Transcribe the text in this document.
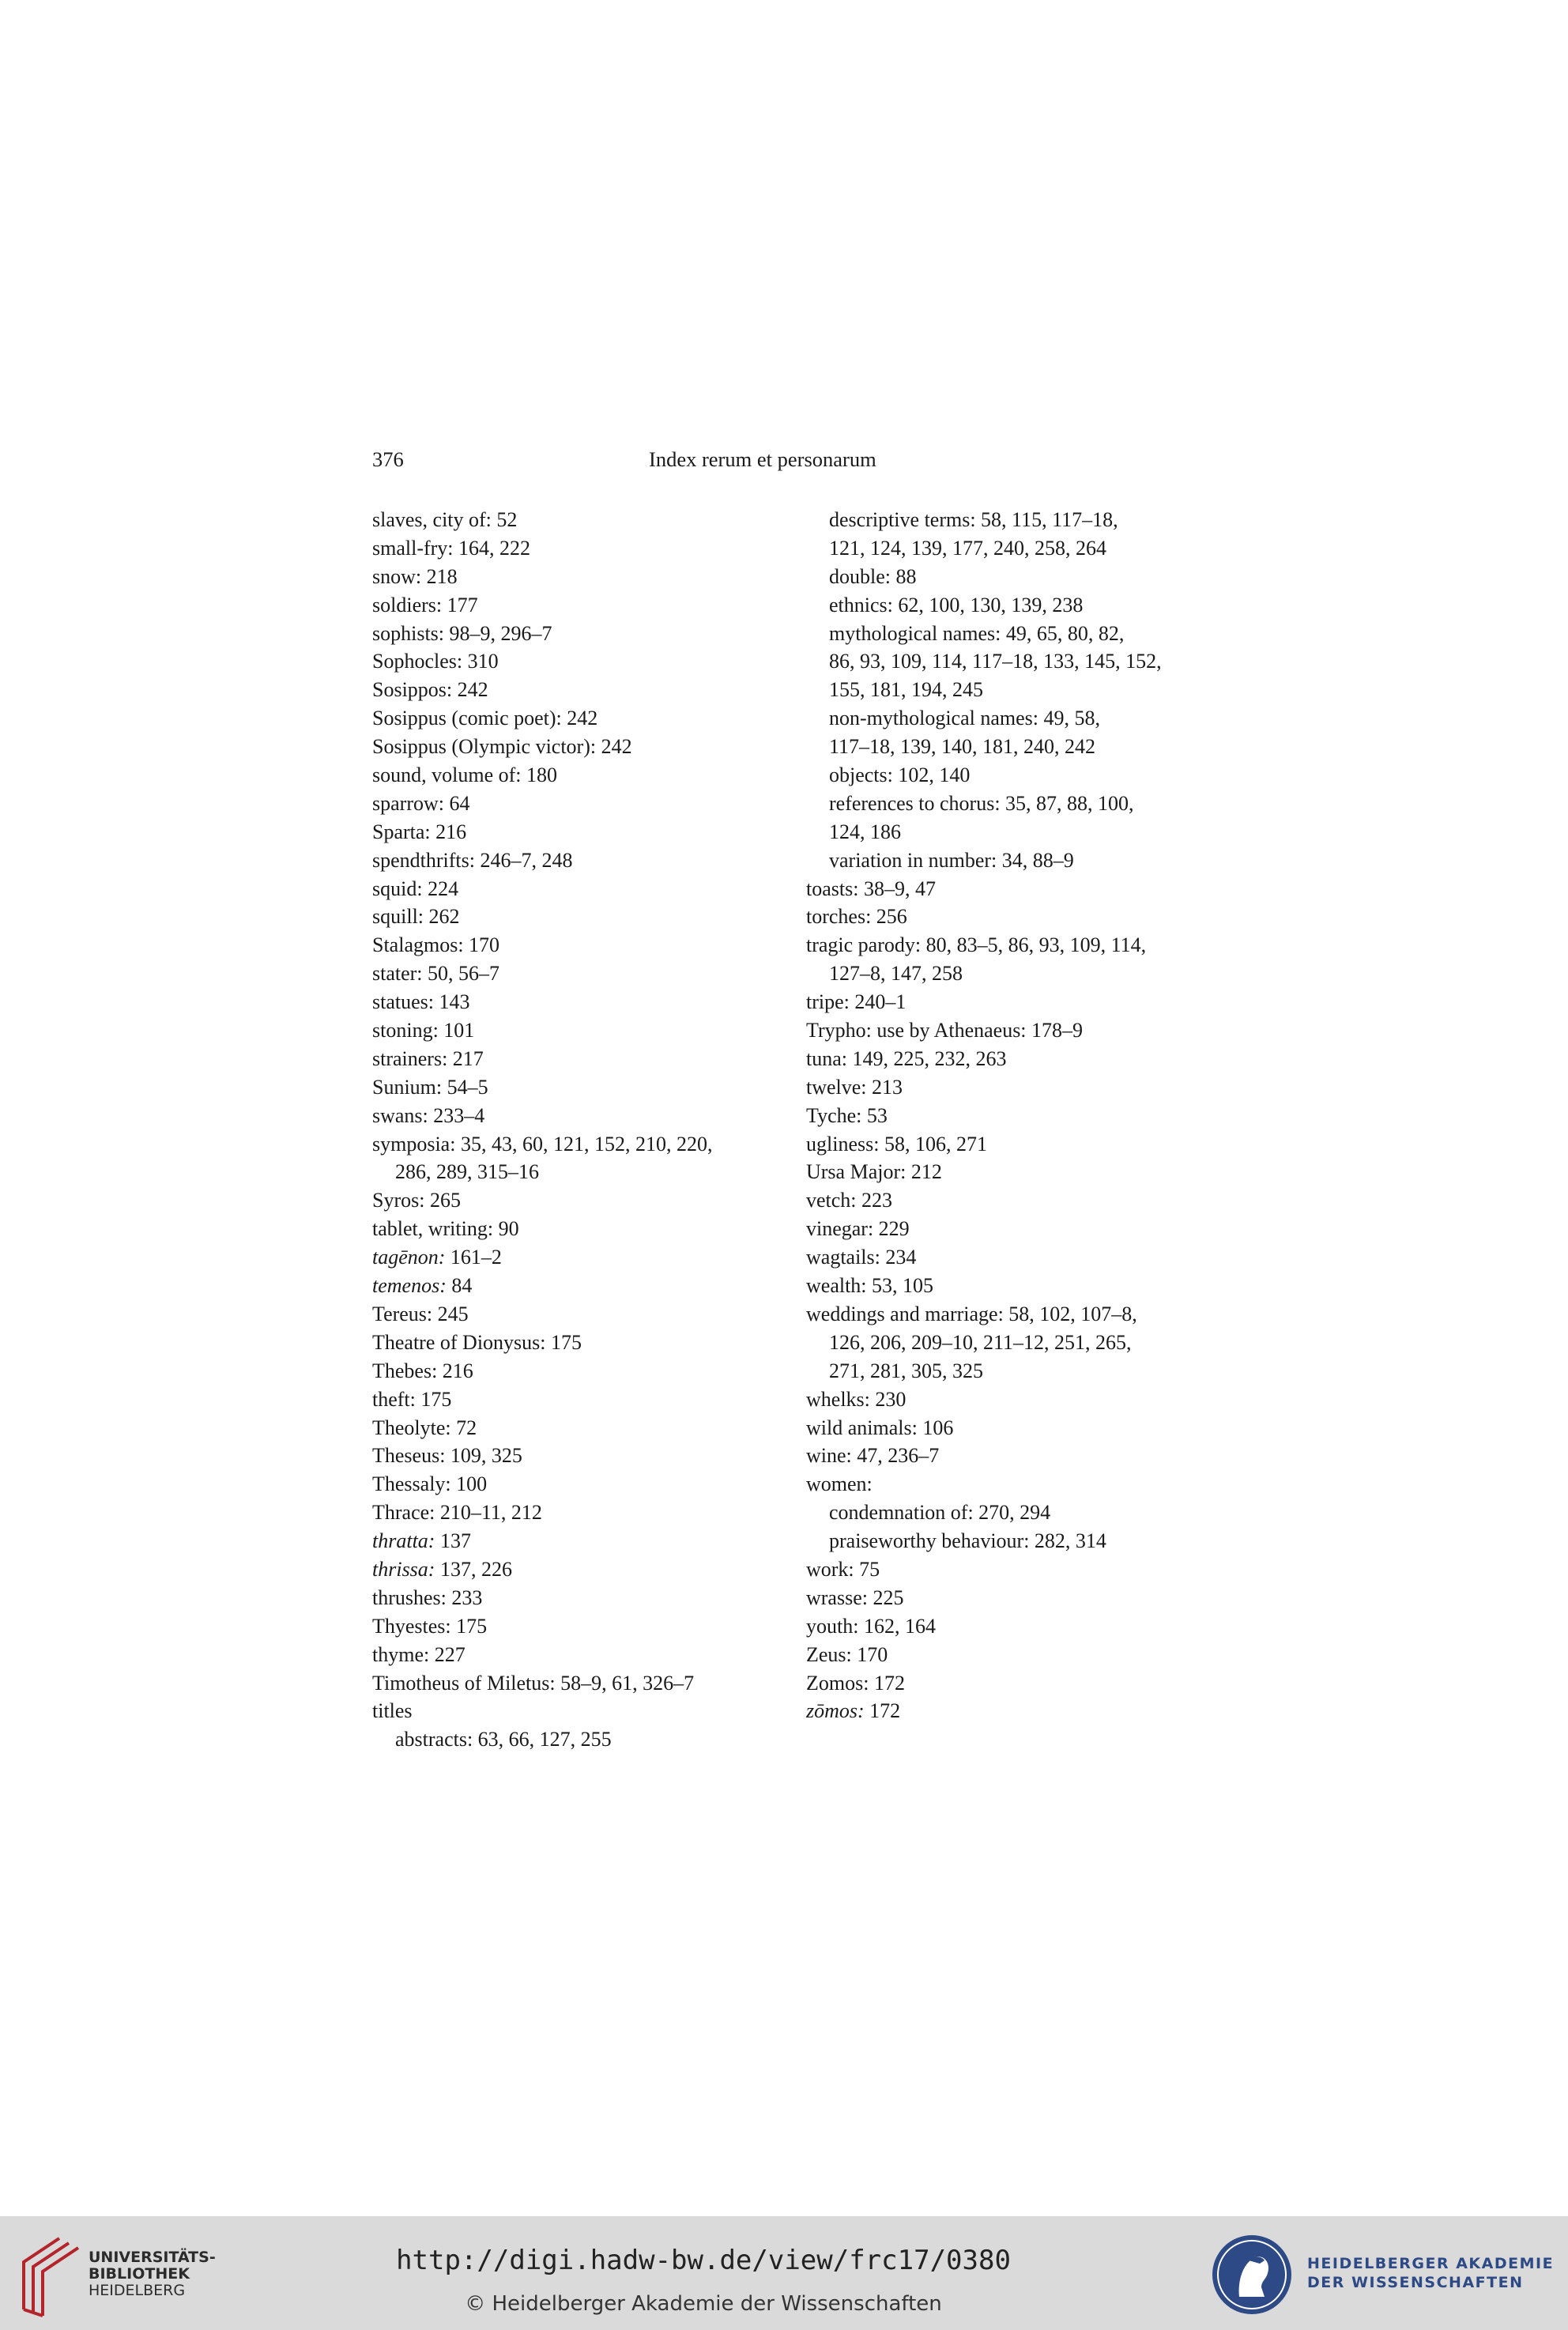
376	Index rerum et personarum
slaves, city of: 52
small-fry: 164, 222
snow: 218
soldiers: 177
sophists: 98–9, 296–7
Sophocles: 310
Sosippos: 242
Sosippus (comic poet): 242
Sosippus (Olympic victor): 242
sound, volume of: 180
sparrow: 64
Sparta: 216
spendthrifts: 246–7, 248
squid: 224
squill: 262
Stalagmos: 170
stater: 50, 56–7
statues: 143
stoning: 101
strainers: 217
Sunium: 54–5
swans: 233–4
symposia: 35, 43, 60, 121, 152, 210, 220,
286, 289, 315–16
Syros: 265
tablet, writing: 90
tagēnon: 161–2
temenos: 84
Tereus: 245
Theatre of Dionysus: 175
Thebes: 216
theft: 175
Theolyte: 72
Theseus: 109, 325
Thessaly: 100
Thrace: 210–11, 212
thratta: 137
thrissa: 137, 226
thrushes: 233
Thyestes: 175
thyme: 227
Timotheus of Miletus: 58–9, 61, 326–7
titles
abstracts: 63, 66, 127, 255
descriptive terms: 58, 115, 117–18,
121, 124, 139, 177, 240, 258, 264
double: 88
ethnics: 62, 100, 130, 139, 238
mythological names: 49, 65, 80, 82,
86, 93, 109, 114, 117–18, 133, 145, 152,
155, 181, 194, 245
non-mythological names: 49, 58,
117–18, 139, 140, 181, 240, 242
objects: 102, 140
references to chorus: 35, 87, 88, 100,
124, 186
variation in number: 34, 88–9
toasts: 38–9, 47
torches: 256
tragic parody: 80, 83–5, 86, 93, 109, 114,
127–8, 147, 258
tripe: 240–1
Trypho: use by Athenaeus: 178–9
tuna: 149, 225, 232, 263
twelve: 213
Tyche: 53
ugliness: 58, 106, 271
Ursa Major: 212
vetch: 223
vinegar: 229
wagtails: 234
wealth: 53, 105
weddings and marriage: 58, 102, 107–8,
126, 206, 209–10, 211–12, 251, 265,
271, 281, 305, 325
whelks: 230
wild animals: 106
wine: 47, 236–7
women:
condemnation of: 270, 294
praiseworthy behaviour: 282, 314
work: 75
wrasse: 225
youth: 162, 164
Zeus: 170
Zomos: 172
zōmos: 172
UNIVERSITÄTS-
BIBLIOTHEK
HEIDELBERG
http://digi.hadw-bw.de/view/frc17/0380
© Heidelberger Akademie der Wissenschaften
HEIDELBERGER AKADEMIE
DER WISSENSCHAFTEN
